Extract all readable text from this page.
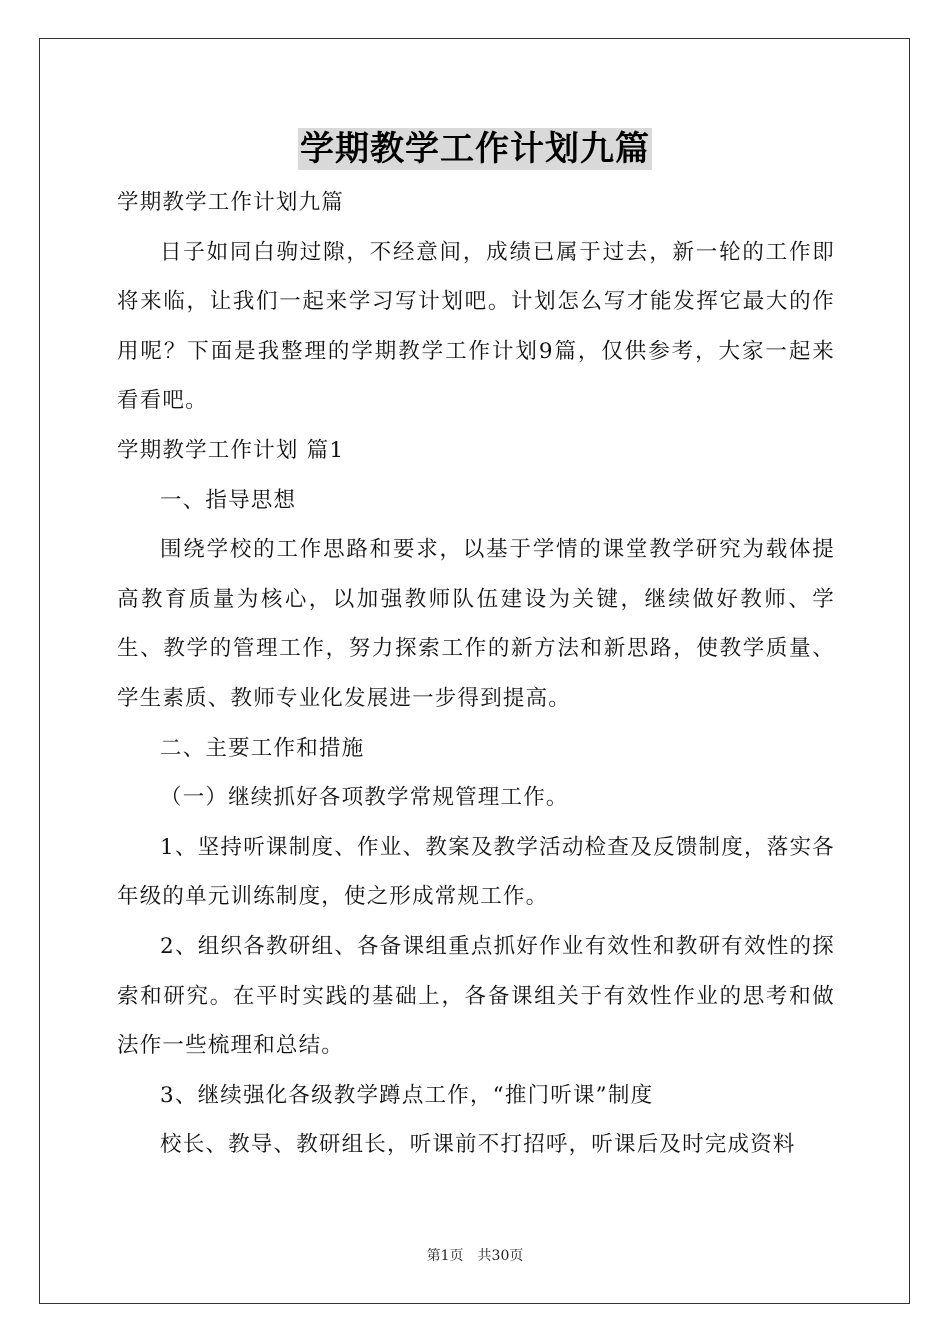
学期教学工作计划九篇

学期教学工作计划九篇

日子如同白驹过隙，不经意间，成绩已属于过去，新一轮的工作即将来临，让我们一起来学习写计划吧。计划怎么写才能发挥它最大的作用呢？下面是我整理的学期教学工作计划9篇，仅供参考，大家一起来看看吧。

学期教学工作计划 篇1

一、指导思想

围绕学校的工作思路和要求，以基于学情的课堂教学研究为载体提高教育质量为核心，以加强教师队伍建设为关键，继续做好教师、学生、教学的管理工作，努力探索工作的新方法和新思路，使教学质量、学生素质、教师专业化发展进一步得到提高。

二、主要工作和措施

（一）继续抓好各项教学常规管理工作。

1、坚持听课制度、作业、教案及教学活动检查及反馈制度，落实各年级的单元训练制度，使之形成常规工作。

2、组织各教研组、各备课组重点抓好作业有效性和教研有效性的探索和研究。在平时实践的基础上，各备课组关于有效性作业的思考和做法作一些梳理和总结。

3、继续强化各级教学蹲点工作，“推门听课”制度

校长、教导、教研组长，听课前不打招呼，听课后及时完成资料

第1页 共30页
